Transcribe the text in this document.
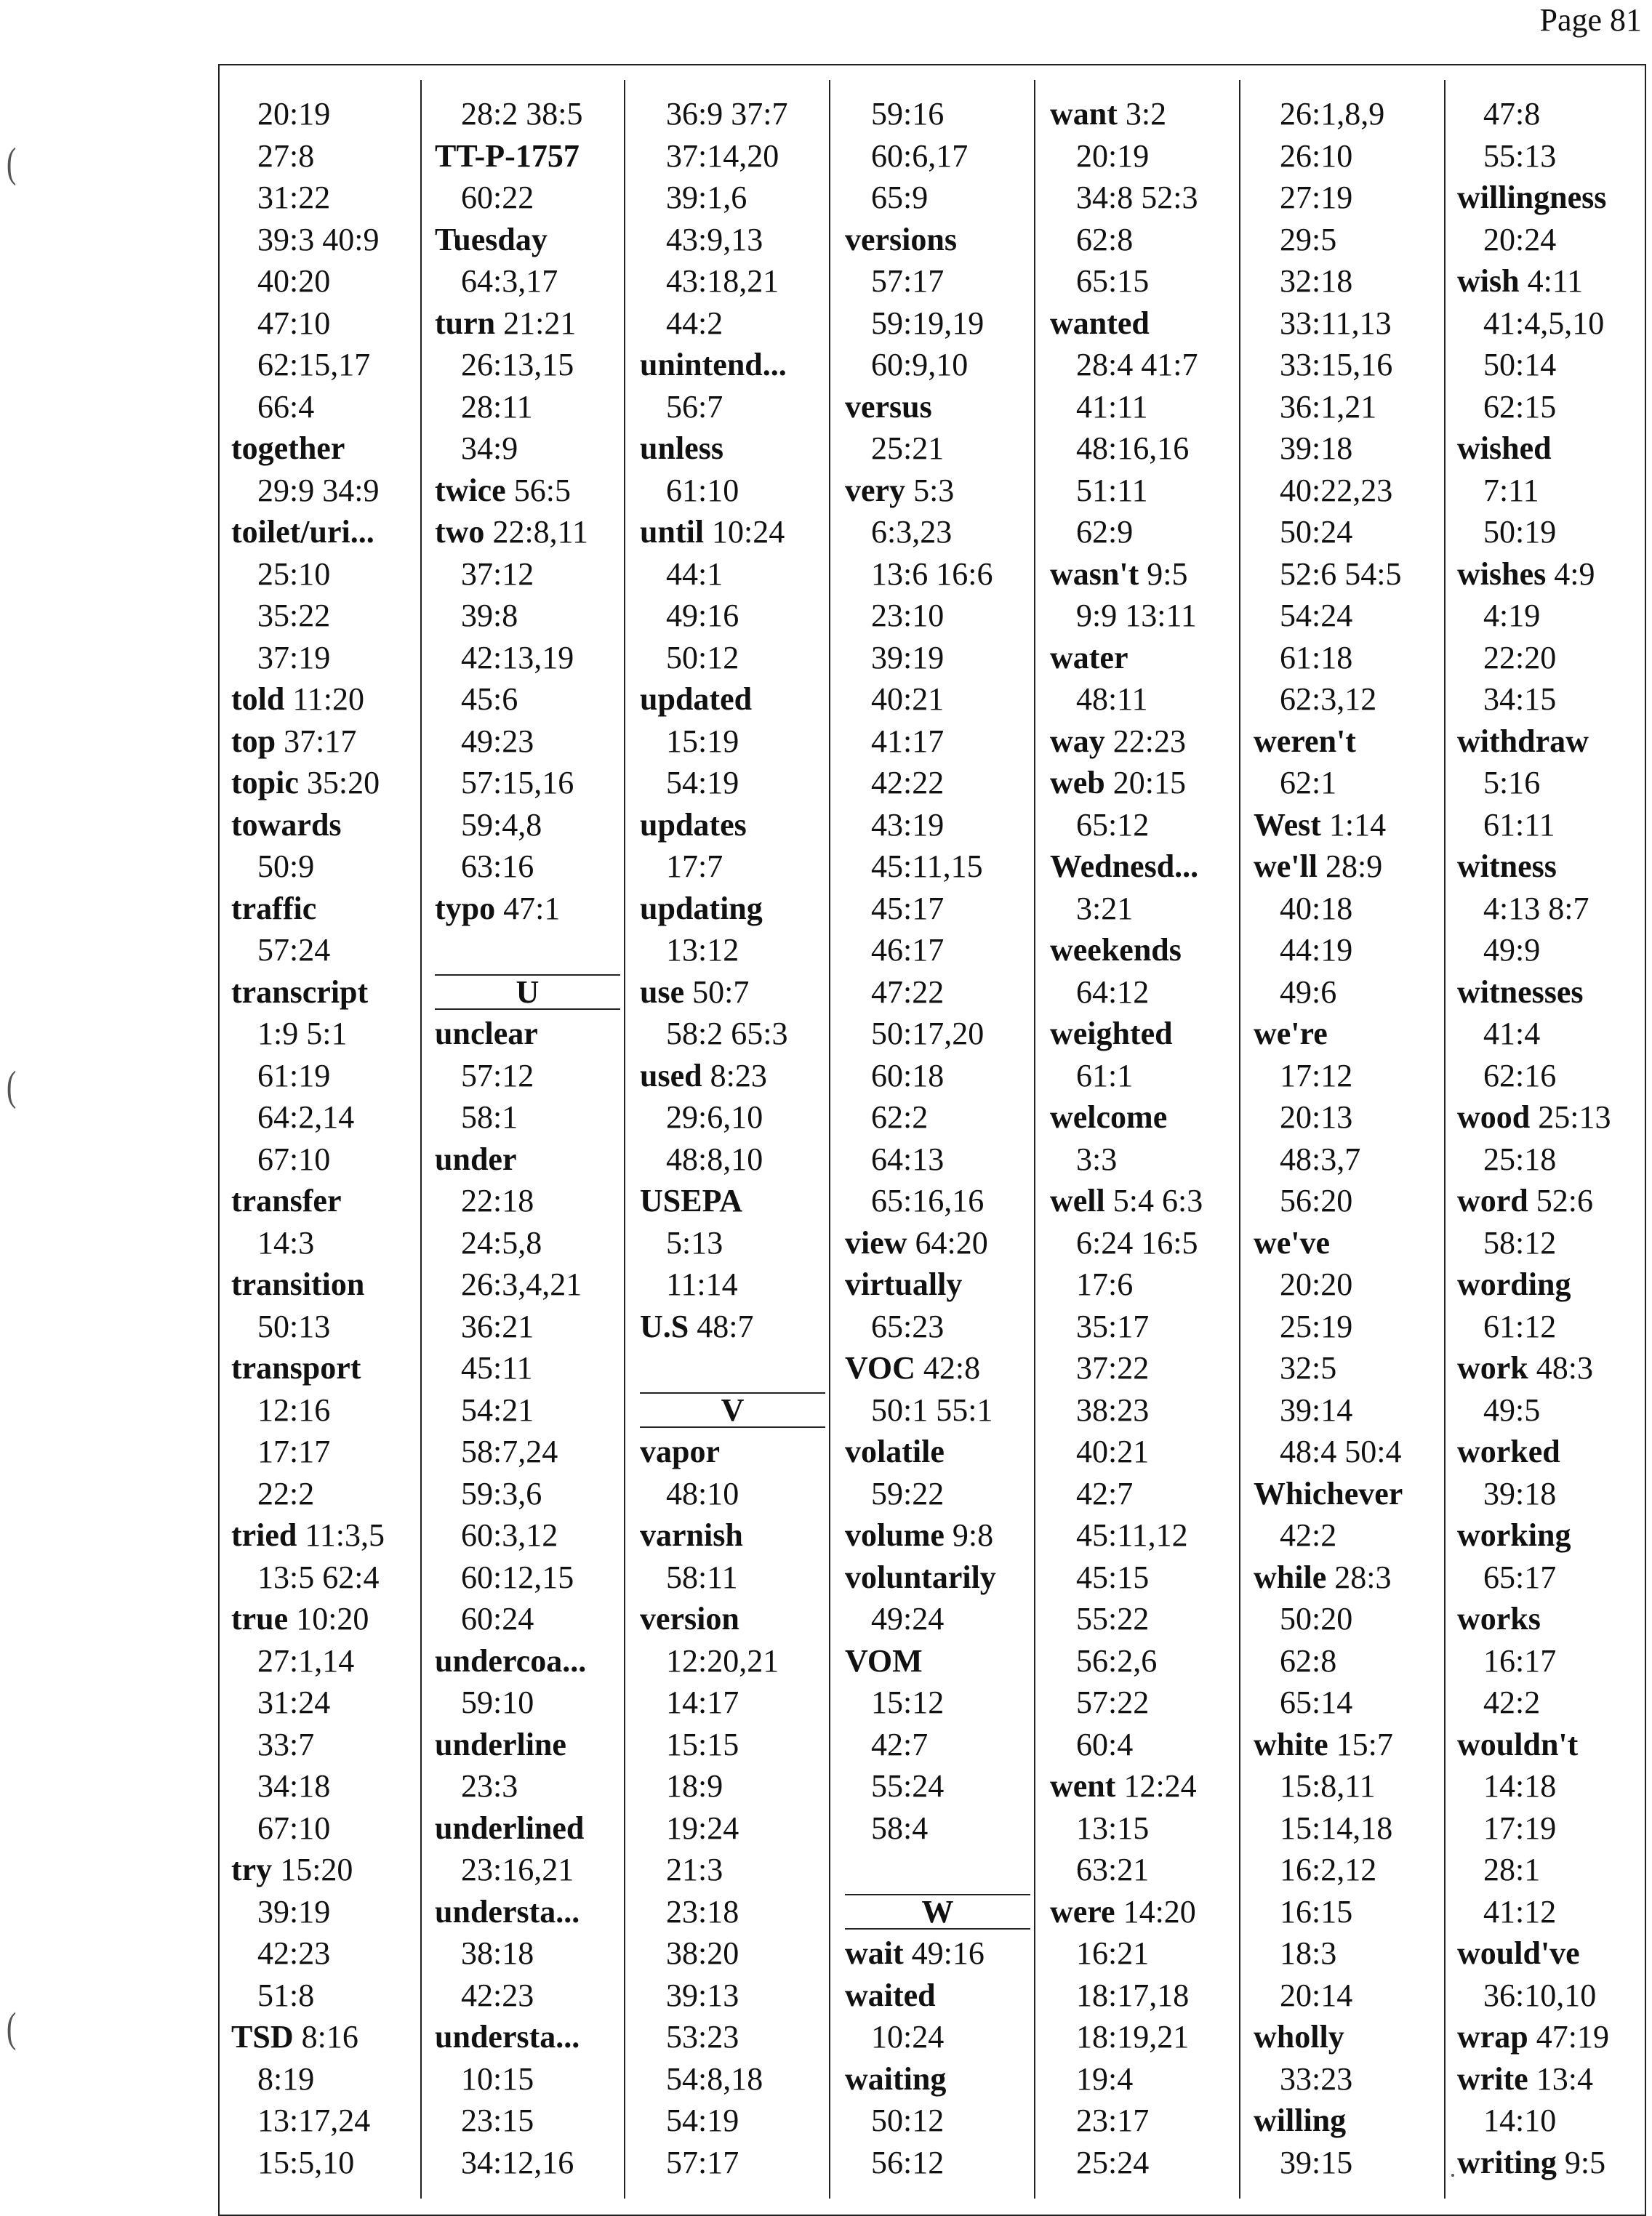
Page 81
(
(
(
20:19
27:8
31:22
39:3 40:9
40:20
47:10
62:15,17
66:4
together
29:9 34:9
toilet/uri...
25:10
35:22
37:19
told 11:20
top 37:17
topic 35:20
towards
50:9
traffic
57:24
transcript
1:9 5:1
61:19
64:2,14
67:10
transfer
14:3
transition
50:13
transport
12:16
17:17
22:2
tried 11:3,5
13:5 62:4
true 10:20
27:1,14
31:24
33:7
34:18
67:10
try 15:20
39:19
42:23
51:8
TSD 8:16
8:19
13:17,24
15:5,10
28:2 38:5
TT-P-1757
60:22
Tuesday
64:3,17
turn 21:21
26:13,15
28:11
34:9
twice 56:5
two 22:8,11
37:12
39:8
42:13,19
45:6
49:23
57:15,16
59:4,8
63:16
typo 47:1
U
unclear
57:12
58:1
under
22:18
24:5,8
26:3,4,21
36:21
45:11
54:21
58:7,24
59:3,6
60:3,12
60:12,15
60:24
undercoa...
59:10
underline
23:3
underlined
23:16,21
understa...
38:18
42:23
understa...
10:15
23:15
34:12,16
36:9 37:7
37:14,20
39:1,6
43:9,13
43:18,21
44:2
unintend...
56:7
unless
61:10
until 10:24
44:1
49:16
50:12
updated
15:19
54:19
updates
17:7
updating
13:12
use 50:7
58:2 65:3
used 8:23
29:6,10
48:8,10
USEPA
5:13
11:14
U.S 48:7
V
vapor
48:10
varnish
58:11
version
12:20,21
14:17
15:15
18:9
19:24
21:3
23:18
38:20
39:13
53:23
54:8,18
54:19
57:17
59:16
60:6,17
65:9
versions
57:17
59:19,19
60:9,10
versus
25:21
very 5:3
6:3,23
13:6 16:6
23:10
39:19
40:21
41:17
42:22
43:19
45:11,15
45:17
46:17
47:22
50:17,20
60:18
62:2
64:13
65:16,16
view 64:20
virtually
65:23
VOC 42:8
50:1 55:1
volatile
59:22
volume 9:8
voluntarily
49:24
VOM
15:12
42:7
55:24
58:4
W
wait 49:16
waited
10:24
waiting
50:12
56:12
want 3:2
20:19
34:8 52:3
62:8
65:15
wanted
28:4 41:7
41:11
48:16,16
51:11
62:9
wasn't 9:5
9:9 13:11
water
48:11
way 22:23
web 20:15
65:12
Wednesd...
3:21
weekends
64:12
weighted
61:1
welcome
3:3
well 5:4 6:3
6:24 16:5
17:6
35:17
37:22
38:23
40:21
42:7
45:11,12
45:15
55:22
56:2,6
57:22
60:4
went 12:24
13:15
63:21
were 14:20
16:21
18:17,18
18:19,21
19:4
23:17
25:24
26:1,8,9
26:10
27:19
29:5
32:18
33:11,13
33:15,16
36:1,21
39:18
40:22,23
50:24
52:6 54:5
54:24
61:18
62:3,12
weren't
62:1
West 1:14
we'll 28:9
40:18
44:19
49:6
we're
17:12
20:13
48:3,7
56:20
we've
20:20
25:19
32:5
39:14
48:4 50:4
Whichever
42:2
while 28:3
50:20
62:8
65:14
white 15:7
15:8,11
15:14,18
16:2,12
16:15
18:3
20:14
wholly
33:23
willing
39:15
47:8
55:13
willingness
20:24
wish 4:11
41:4,5,10
50:14
62:15
wished
7:11
50:19
wishes 4:9
4:19
22:20
34:15
withdraw
5:16
61:11
witness
4:13 8:7
49:9
witnesses
41:4
62:16
wood 25:13
25:18
word 52:6
58:12
wording
61:12
work 48:3
49:5
worked
39:18
working
65:17
works
16:17
42:2
wouldn't
14:18
17:19
28:1
41:12
would've
36:10,10
wrap 47:19
write 13:4
14:10
writing 9:5
